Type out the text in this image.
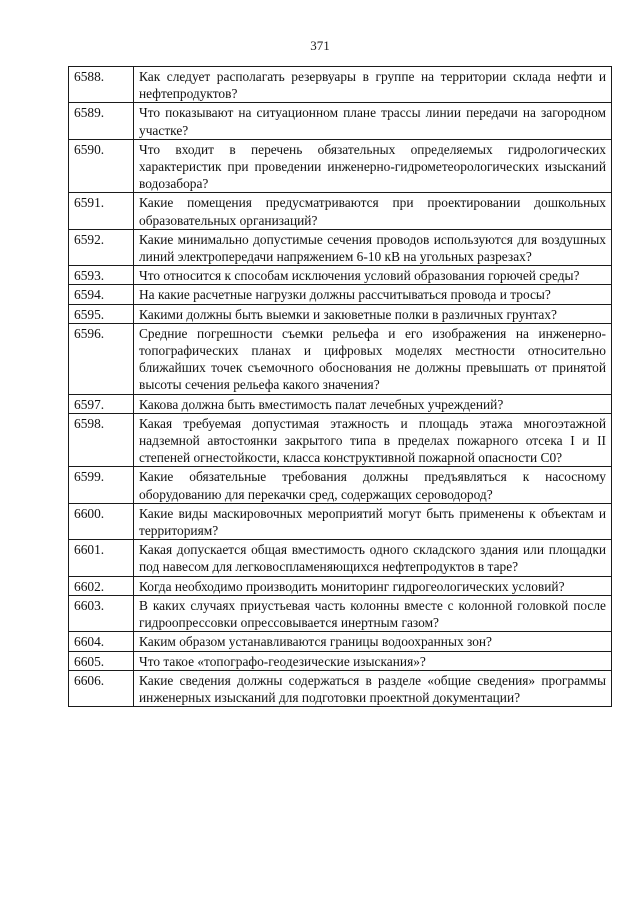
371
6588.	Как следует располагать резервуары в группе на территории склада нефти и нефтепродуктов?
6589.	Что показывают на ситуационном плане трассы линии передачи на загородном участке?
6590.	Что входит в перечень обязательных определяемых гидрологических характеристик при проведении инженерно-гидрометеорологических изысканий водозабора?
6591.	Какие помещения предусматриваются при проектировании дошкольных образовательных организаций?
6592.	Какие минимально допустимые сечения проводов используются для воздушных линий электропередачи напряжением 6-10 кВ на угольных разрезах?
6593.	Что относится к способам исключения условий образования горючей среды?
6594.	На какие расчетные нагрузки должны рассчитываться провода и тросы?
6595.	Какими должны быть выемки и закюветные полки в различных грунтах?
6596.	Средние погрешности съемки рельефа и его изображения на инженерно-топографических планах и цифровых моделях местности относительно ближайших точек съемочного обоснования не должны превышать от принятой высоты сечения рельефа какого значения?
6597.	Какова должна быть вместимость палат лечебных учреждений?
6598.	Какая требуемая допустимая этажность и площадь этажа многоэтажной надземной автостоянки закрытого типа в пределах пожарного отсека I и II степеней огнестойкости, класса конструктивной пожарной опасности С0?
6599.	Какие обязательные требования должны предъявляться к насосному оборудованию для перекачки сред, содержащих сероводород?
6600.	Какие виды маскировочных мероприятий могут быть применены к объектам и территориям?
6601.	Какая допускается общая вместимость одного складского здания или площадки под навесом для легковоспламеняющихся нефтепродуктов в таре?
6602.	Когда необходимо производить мониторинг гидрогеологических условий?
6603.	В каких случаях приустьевая часть колонны вместе с колонной головкой после гидроопрессовки опрессовывается инертным газом?
6604.	Каким образом устанавливаются границы водоохранных зон?
6605.	Что такое «топографо-геодезические изыскания»?
6606.	Какие сведения должны содержаться в разделе «общие сведения» программы инженерных изысканий для подготовки проектной документации?
